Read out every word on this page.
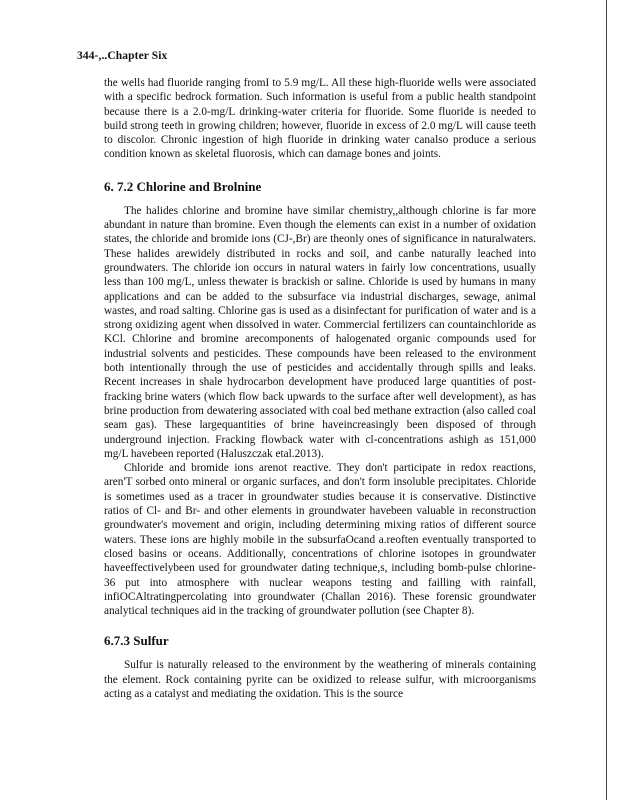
344-,..Chapter Six

the wells had fluoride ranging fromI to 5.9 mg/L. All these high-fluoride wells were associated with a specific bedrock formation. Such information is useful from a public health standpoint because there is a 2.0-mg/L drinking-water criteria for fluoride. Some fluoride is needed to build strong teeth in growing children; however, fluoride in excess of 2.0 mg/L will cause teeth to discolor. Chronic ingestion of high fluoride in drinking water canalso produce a serious condition known as skeletal fluorosis, which can damage bones and joints.

6. 7.2 Chlorine and Brolnine

The halides chlorine and bromine have similar chemistry,,although chlorine is far more abundant in nature than bromine. Even though the elements can exist in a number of oxidation states, the chloride and bromide ions (CJ-,Br) are theonly ones of significance in naturalwaters. These halides arewidely distributed in rocks and soil, and canbe naturally leached into groundwaters. The chloride ion occurs in natural waters in fairly low concentrations, usually less than 100 mg/L, unless thewater is brackish or saline. Chloride is used by humans in many applications and can be added to the subsurface via industrial discharges, sewage, animal wastes, and road salting. Chlorine gas is used as a disinfectant for purification of water and is a strong oxidizing agent when dissolved in water. Commercial fertilizers can countainchloride as KCl. Chlorine and bromine arecomponents of halogenated organic compounds used for industrial solvents and pesticides. These compounds have been released to the environment both intentionally through the use of pesticides and accidentally through spills and leaks. Recent increases in shale hydrocarbon development have produced large quantities of post-fracking brine waters (which flow back upwards to the surface after well development), as has brine production from dewatering associated with coal bed methane extraction (also called coal seam gas). These largequantities of brine haveincreasingly been disposed of through underground injection. Fracking flowback water with cl-concentrations ashigh as 151,000 mg/L havebeen reported (Haluszczak etal.2013).

Chloride and bromide ions arenot reactive. They don't participate in redox reactions, aren'T sorbed onto mineral or organic surfaces, and don't form insoluble precipitates. Chloride is sometimes used as a tracer in groundwater studies because it is conservative. Distinctive ratios of Cl- and Br- and other elements in groundwater havebeen valuable in reconstruction groundwater's movement and origin, including determining mixing ratios of different source waters. These ions are highly mobile in the subsurfaOcand a.reoften eventually transported to closed basins or oceans. Additionally, concentrations of chlorine isotopes in groundwater haveeffectivelybeen used for groundwater dating technique,s, including bomb-pulse chlorine-36 put into atmosphere with nuclear weapons testing and failling with rainfall, infiOCAltratingpercolating into groundwater (Challan 2016). These forensic groundwater analytical techniques aid in the tracking of groundwater pollution (see Chapter 8).

6.7.3 Sulfur

Sulfur is naturally released to the environment by the weathering of minerals containing the element. Rock containing pyrite can be oxidized to release sulfur, with microorganisms acting as a catalyst and mediating the oxidation. This is the source
